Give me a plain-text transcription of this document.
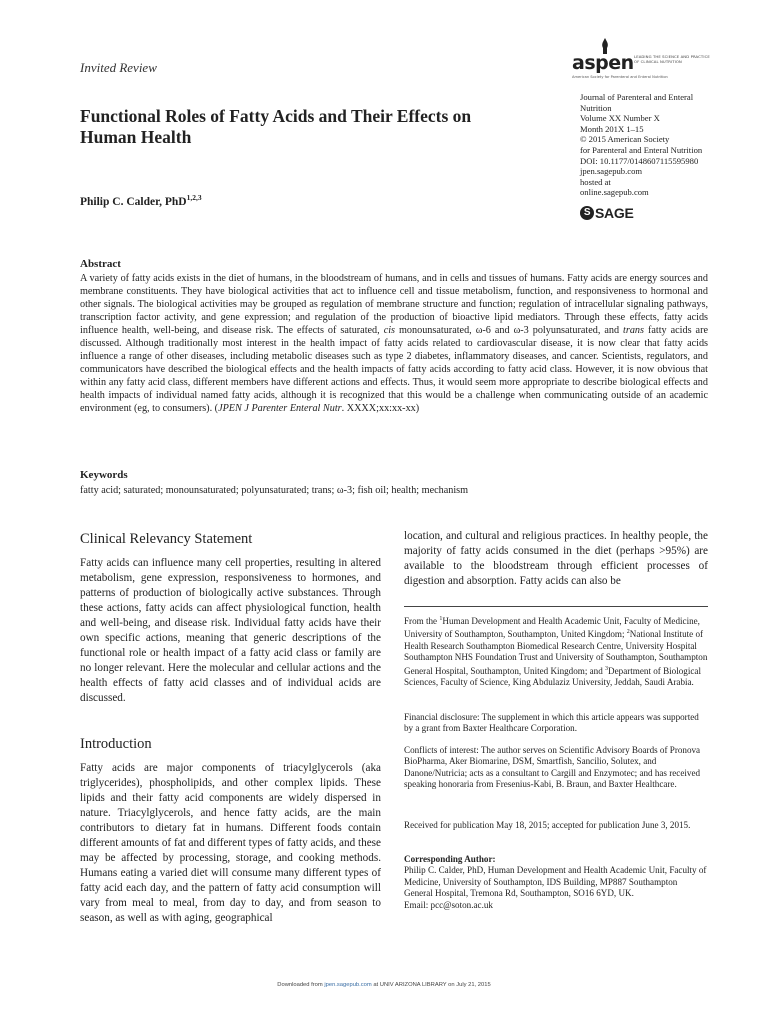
Invited Review
Functional Roles of Fatty Acids and Their Effects on Human Health
Philip C. Calder, PhD$^{1,2,3}$
aspen LEADING THE SCIENCE AND PRACTICE OF CLINICAL NUTRITION
American Society for Parenteral and Enteral Nutrition
Journal of Parenteral and Enteral
Nutrition
Volume XX Number X
Month 201X 1–15
© 2015 American Society
for Parenteral and Enteral Nutrition
DOI: 10.1177/0148607115595980
jpen.sagepub.com
hosted at
online.sagepub.com
S SAGE
Abstract
A variety of fatty acids exists in the diet of humans, in the bloodstream of humans, and in cells and tissues of humans. Fatty acids are energy sources and membrane constituents. They have biological activities that act to influence cell and tissue metabolism, function, and responsiveness to hormonal and other signals. The biological activities may be grouped as regulation of membrane structure and function; regulation of intracellular signaling pathways, transcription factor activity, and gene expression; and regulation of the production of bioactive lipid mediators. Through these effects, fatty acids influence health, well-being, and disease risk. The effects of saturated, cis monounsaturated, ω-6 and ω-3 polyunsaturated, and trans fatty acids are discussed. Although traditionally most interest in the health impact of fatty acids related to cardiovascular disease, it is now clear that fatty acids influence a range of other diseases, including metabolic diseases such as type 2 diabetes, inflammatory diseases, and cancer. Scientists, regulators, and communicators have described the biological effects and the health impacts of fatty acids according to fatty acid class. However, it is now obvious that within any fatty acid class, different members have different actions and effects. Thus, it would seem more appropriate to describe biological effects and health impacts of individual named fatty acids, although it is recognized that this would be a challenge when communicating outside of an academic environment (eg, to consumers). (JPEN J Parenter Enteral Nutr. XXXX;xx:xx-xx)
Keywords
fatty acid; saturated; monounsaturated; polyunsaturated; trans; ω-3; fish oil; health; mechanism
Clinical Relevancy Statement
Fatty acids can influence many cell properties, resulting in altered metabolism, gene expression, responsiveness to hormones, and patterns of production of biologically active substances. Through these actions, fatty acids can affect physiological function, health and well-being, and disease risk. Individual fatty acids have their own specific actions, meaning that generic descriptions of the functional role or health impact of a fatty acid class or family are no longer relevant. Here the molecular and cellular actions and the health effects of fatty acid classes and of individual acids are discussed.
Introduction
Fatty acids are major components of triacylglycerols (aka triglycerides), phospholipids, and other complex lipids. These lipids and their fatty acid components are widely dispersed in nature. Triacylglycerols, and hence fatty acids, are the main contributors to dietary fat in humans. Different foods contain different amounts of fat and different types of fatty acids, and these may be affected by processing, storage, and cooking methods. Humans eating a varied diet will consume many different types of fatty acid each day, and the pattern of fatty acid consumption will vary from meal to meal, from day to day, and from season to season, as well as with aging, geographical
location, and cultural and religious practices. In healthy people, the majority of fatty acids consumed in the diet (perhaps >95%) are available to the bloodstream through efficient processes of digestion and absorption. Fatty acids can also be
From the $^1$Human Development and Health Academic Unit, Faculty of Medicine, University of Southampton, Southampton, United Kingdom; $^2$National Institute of Health Research Southampton Biomedical Research Centre, University Hospital Southampton NHS Foundation Trust and University of Southampton, Southampton General Hospital, Southampton, United Kingdom; and $^3$Department of Biological Sciences, Faculty of Science, King Abdulaziz University, Jeddah, Saudi Arabia.
Financial disclosure: The supplement in which this article appears was supported by a grant from Baxter Healthcare Corporation.
Conflicts of interest: The author serves on Scientific Advisory Boards of Pronova BioPharma, Aker Biomarine, DSM, Smartfish, Sancilio, Solutex, and Danone/Nutricia; acts as a consultant to Cargill and Enzymotec; and has received speaking honoraria from Fresenius-Kabi, B. Braun, and Baxter Healthcare.
Received for publication May 18, 2015; accepted for publication June 3, 2015.
Corresponding Author:
Philip C. Calder, PhD, Human Development and Health Academic Unit, Faculty of Medicine, University of Southampton, IDS Building, MP887 Southampton General Hospital, Tremona Rd, Southampton, SO16 6YD, UK.
Email: pcc@soton.ac.uk
Downloaded from jpen.sagepub.com at UNIV ARIZONA LIBRARY on July 21, 2015
